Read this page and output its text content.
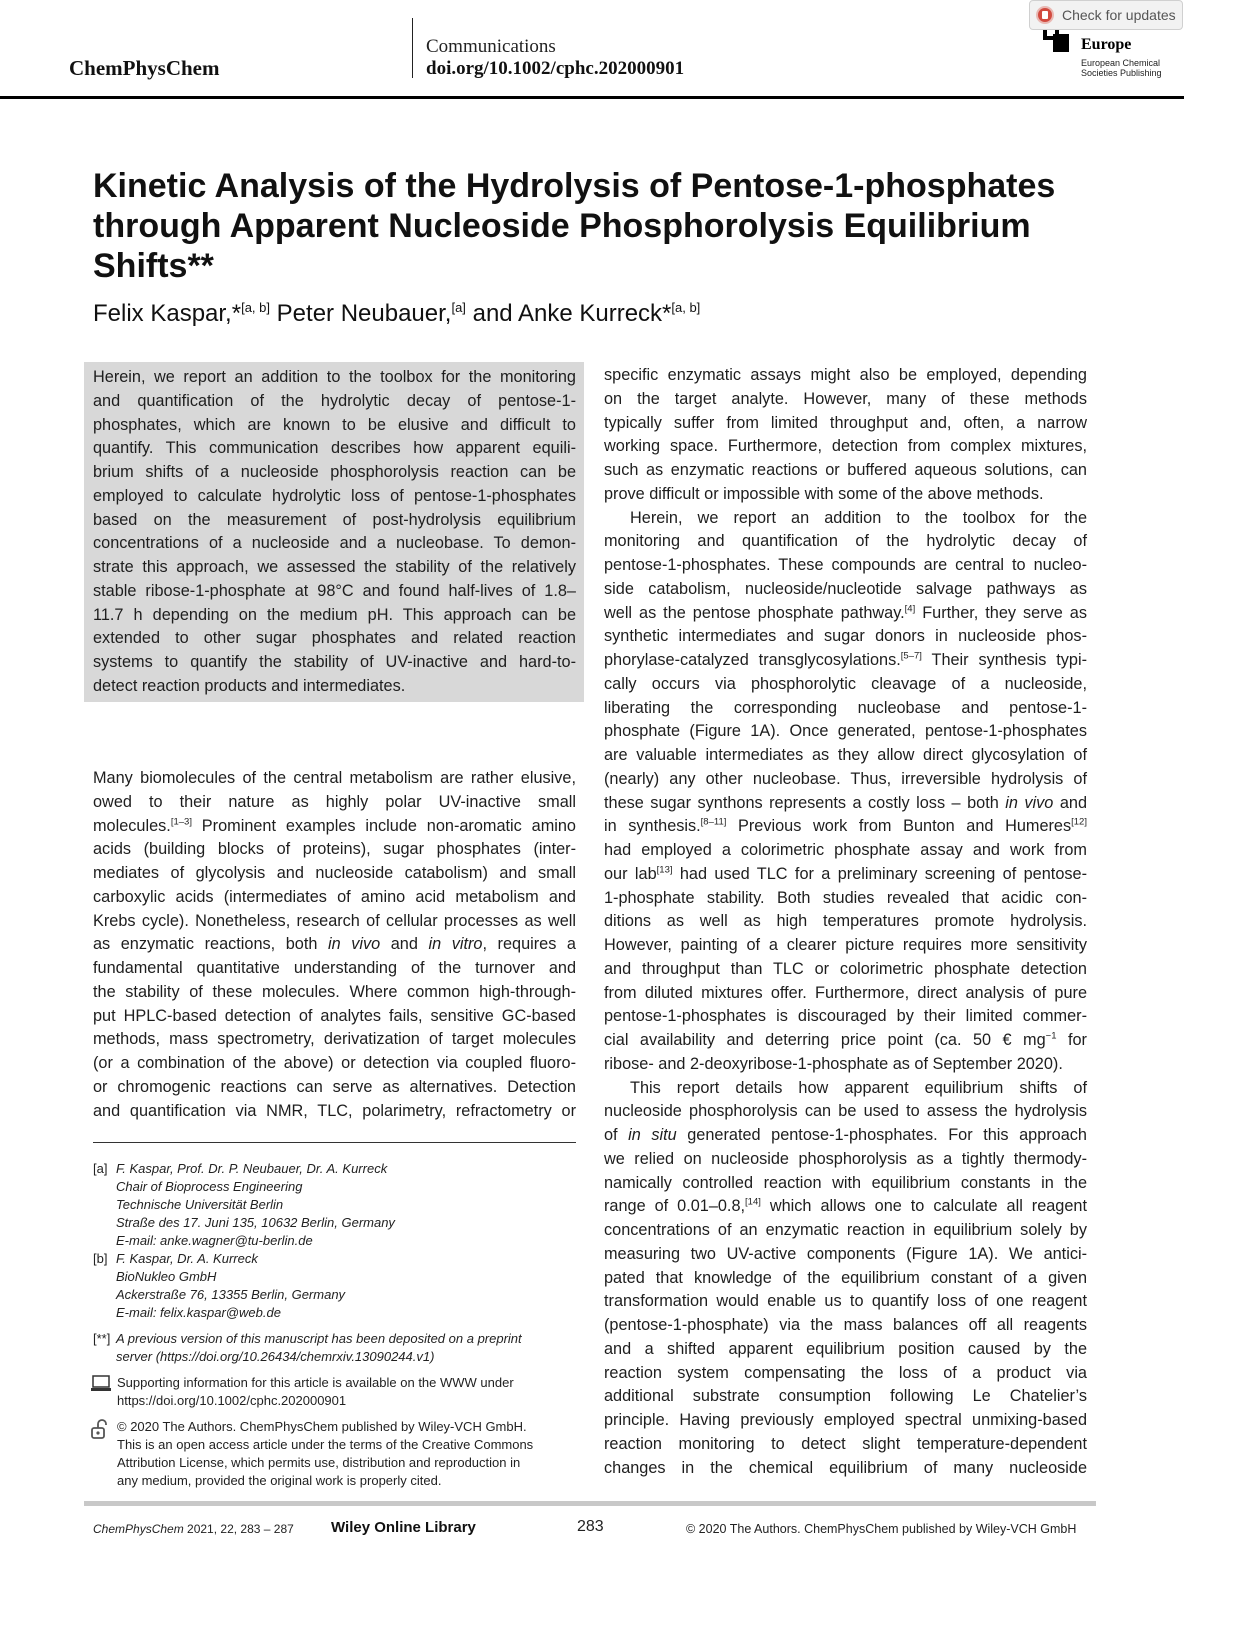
ChemPhysChem
Communications
doi.org/10.1002/cphc.202000901
Europe
European Chemical
Societies Publishing
Check for updates
Kinetic Analysis of the Hydrolysis of Pentose-1-phosphates
through Apparent Nucleoside Phosphorolysis Equilibrium
Shifts**
Felix Kaspar,*[a, b] Peter Neubauer,[a] and Anke Kurreck*[a, b]
Herein, we report an addition to the toolbox for the monitoring
and quantification of the hydrolytic decay of pentose-1-
phosphates, which are known to be elusive and difficult to
quantify. This communication describes how apparent equili-
brium shifts of a nucleoside phosphorolysis reaction can be
employed to calculate hydrolytic loss of pentose-1-phosphates
based on the measurement of post-hydrolysis equilibrium
concentrations of a nucleoside and a nucleobase. To demon-
strate this approach, we assessed the stability of the relatively
stable ribose-1-phosphate at 98°C and found half-lives of 1.8–
11.7 h depending on the medium pH. This approach can be
extended to other sugar phosphates and related reaction
systems to quantify the stability of UV-inactive and hard-to-
detect reaction products and intermediates.
Many biomolecules of the central metabolism are rather elusive,
owed to their nature as highly polar UV-inactive small
molecules.[1–3] Prominent examples include non-aromatic amino
acids (building blocks of proteins), sugar phosphates (inter-
mediates of glycolysis and nucleoside catabolism) and small
carboxylic acids (intermediates of amino acid metabolism and
Krebs cycle). Nonetheless, research of cellular processes as well
as enzymatic reactions, both in vivo and in vitro, requires a
fundamental quantitative understanding of the turnover and
the stability of these molecules. Where common high-through-
put HPLC-based detection of analytes fails, sensitive GC-based
methods, mass spectrometry, derivatization of target molecules
(or a combination of the above) or detection via coupled fluoro-
or chromogenic reactions can serve as alternatives. Detection
and quantification via NMR, TLC, polarimetry, refractometry or
specific enzymatic assays might also be employed, depending
on the target analyte. However, many of these methods
typically suffer from limited throughput and, often, a narrow
working space. Furthermore, detection from complex mixtures,
such as enzymatic reactions or buffered aqueous solutions, can
prove difficult or impossible with some of the above methods.
Herein, we report an addition to the toolbox for the
monitoring and quantification of the hydrolytic decay of
pentose-1-phosphates. These compounds are central to nucleo-
side catabolism, nucleoside/nucleotide salvage pathways as
well as the pentose phosphate pathway.[4] Further, they serve as
synthetic intermediates and sugar donors in nucleoside phos-
phorylase-catalyzed transglycosylations.[5–7] Their synthesis typi-
cally occurs via phosphorolytic cleavage of a nucleoside,
liberating the corresponding nucleobase and pentose-1-
phosphate (Figure 1A). Once generated, pentose-1-phosphates
are valuable intermediates as they allow direct glycosylation of
(nearly) any other nucleobase. Thus, irreversible hydrolysis of
these sugar synthons represents a costly loss – both in vivo and
in synthesis.[8–11] Previous work from Bunton and Humeres[12]
had employed a colorimetric phosphate assay and work from
our lab[13] had used TLC for a preliminary screening of pentose-
1-phosphate stability. Both studies revealed that acidic con-
ditions as well as high temperatures promote hydrolysis.
However, painting of a clearer picture requires more sensitivity
and throughput than TLC or colorimetric phosphate detection
from diluted mixtures offer. Furthermore, direct analysis of pure
pentose-1-phosphates is discouraged by their limited commer-
cial availability and deterring price point (ca. 50 € mg$^{-1}$ for
ribose- and 2-deoxyribose-1-phosphate as of September 2020).
This report details how apparent equilibrium shifts of
nucleoside phosphorolysis can be used to assess the hydrolysis
of in situ generated pentose-1-phosphates. For this approach
we relied on nucleoside phosphorolysis as a tightly thermody-
namically controlled reaction with equilibrium constants in the
range of 0.01–0.8,[14] which allows one to calculate all reagent
concentrations of an enzymatic reaction in equilibrium solely by
measuring two UV-active components (Figure 1A). We antici-
pated that knowledge of the equilibrium constant of a given
transformation would enable us to quantify loss of one reagent
(pentose-1-phosphate) via the mass balances off all reagents
and a shifted apparent equilibrium position caused by the
reaction system compensating the loss of a product via
additional substrate consumption following Le Chatelier’s
principle. Having previously employed spectral unmixing-based
reaction monitoring to detect slight temperature-dependent
changes in the chemical equilibrium of many nucleoside
[a] F. Kaspar, Prof. Dr. P. Neubauer, Dr. A. Kurreck
Chair of Bioprocess Engineering
Technische Universität Berlin
Straße des 17. Juni 135, 10632 Berlin, Germany
E-mail: anke.wagner@tu-berlin.de
[b] F. Kaspar, Dr. A. Kurreck
BioNukleo GmbH
Ackerstraße 76, 13355 Berlin, Germany
E-mail: felix.kaspar@web.de
[**] A previous version of this manuscript has been deposited on a preprint
server (https://doi.org/10.26434/chemrxiv.13090244.v1)
Supporting information for this article is available on the WWW under
https://doi.org/10.1002/cphc.202000901
© 2020 The Authors. ChemPhysChem published by Wiley-VCH GmbH.
This is an open access article under the terms of the Creative Commons
Attribution License, which permits use, distribution and reproduction in
any medium, provided the original work is properly cited.
ChemPhysChem 2021, 22, 283 – 287 Wiley Online Library	283	© 2020 The Authors. ChemPhysChem published by Wiley-VCH GmbH
